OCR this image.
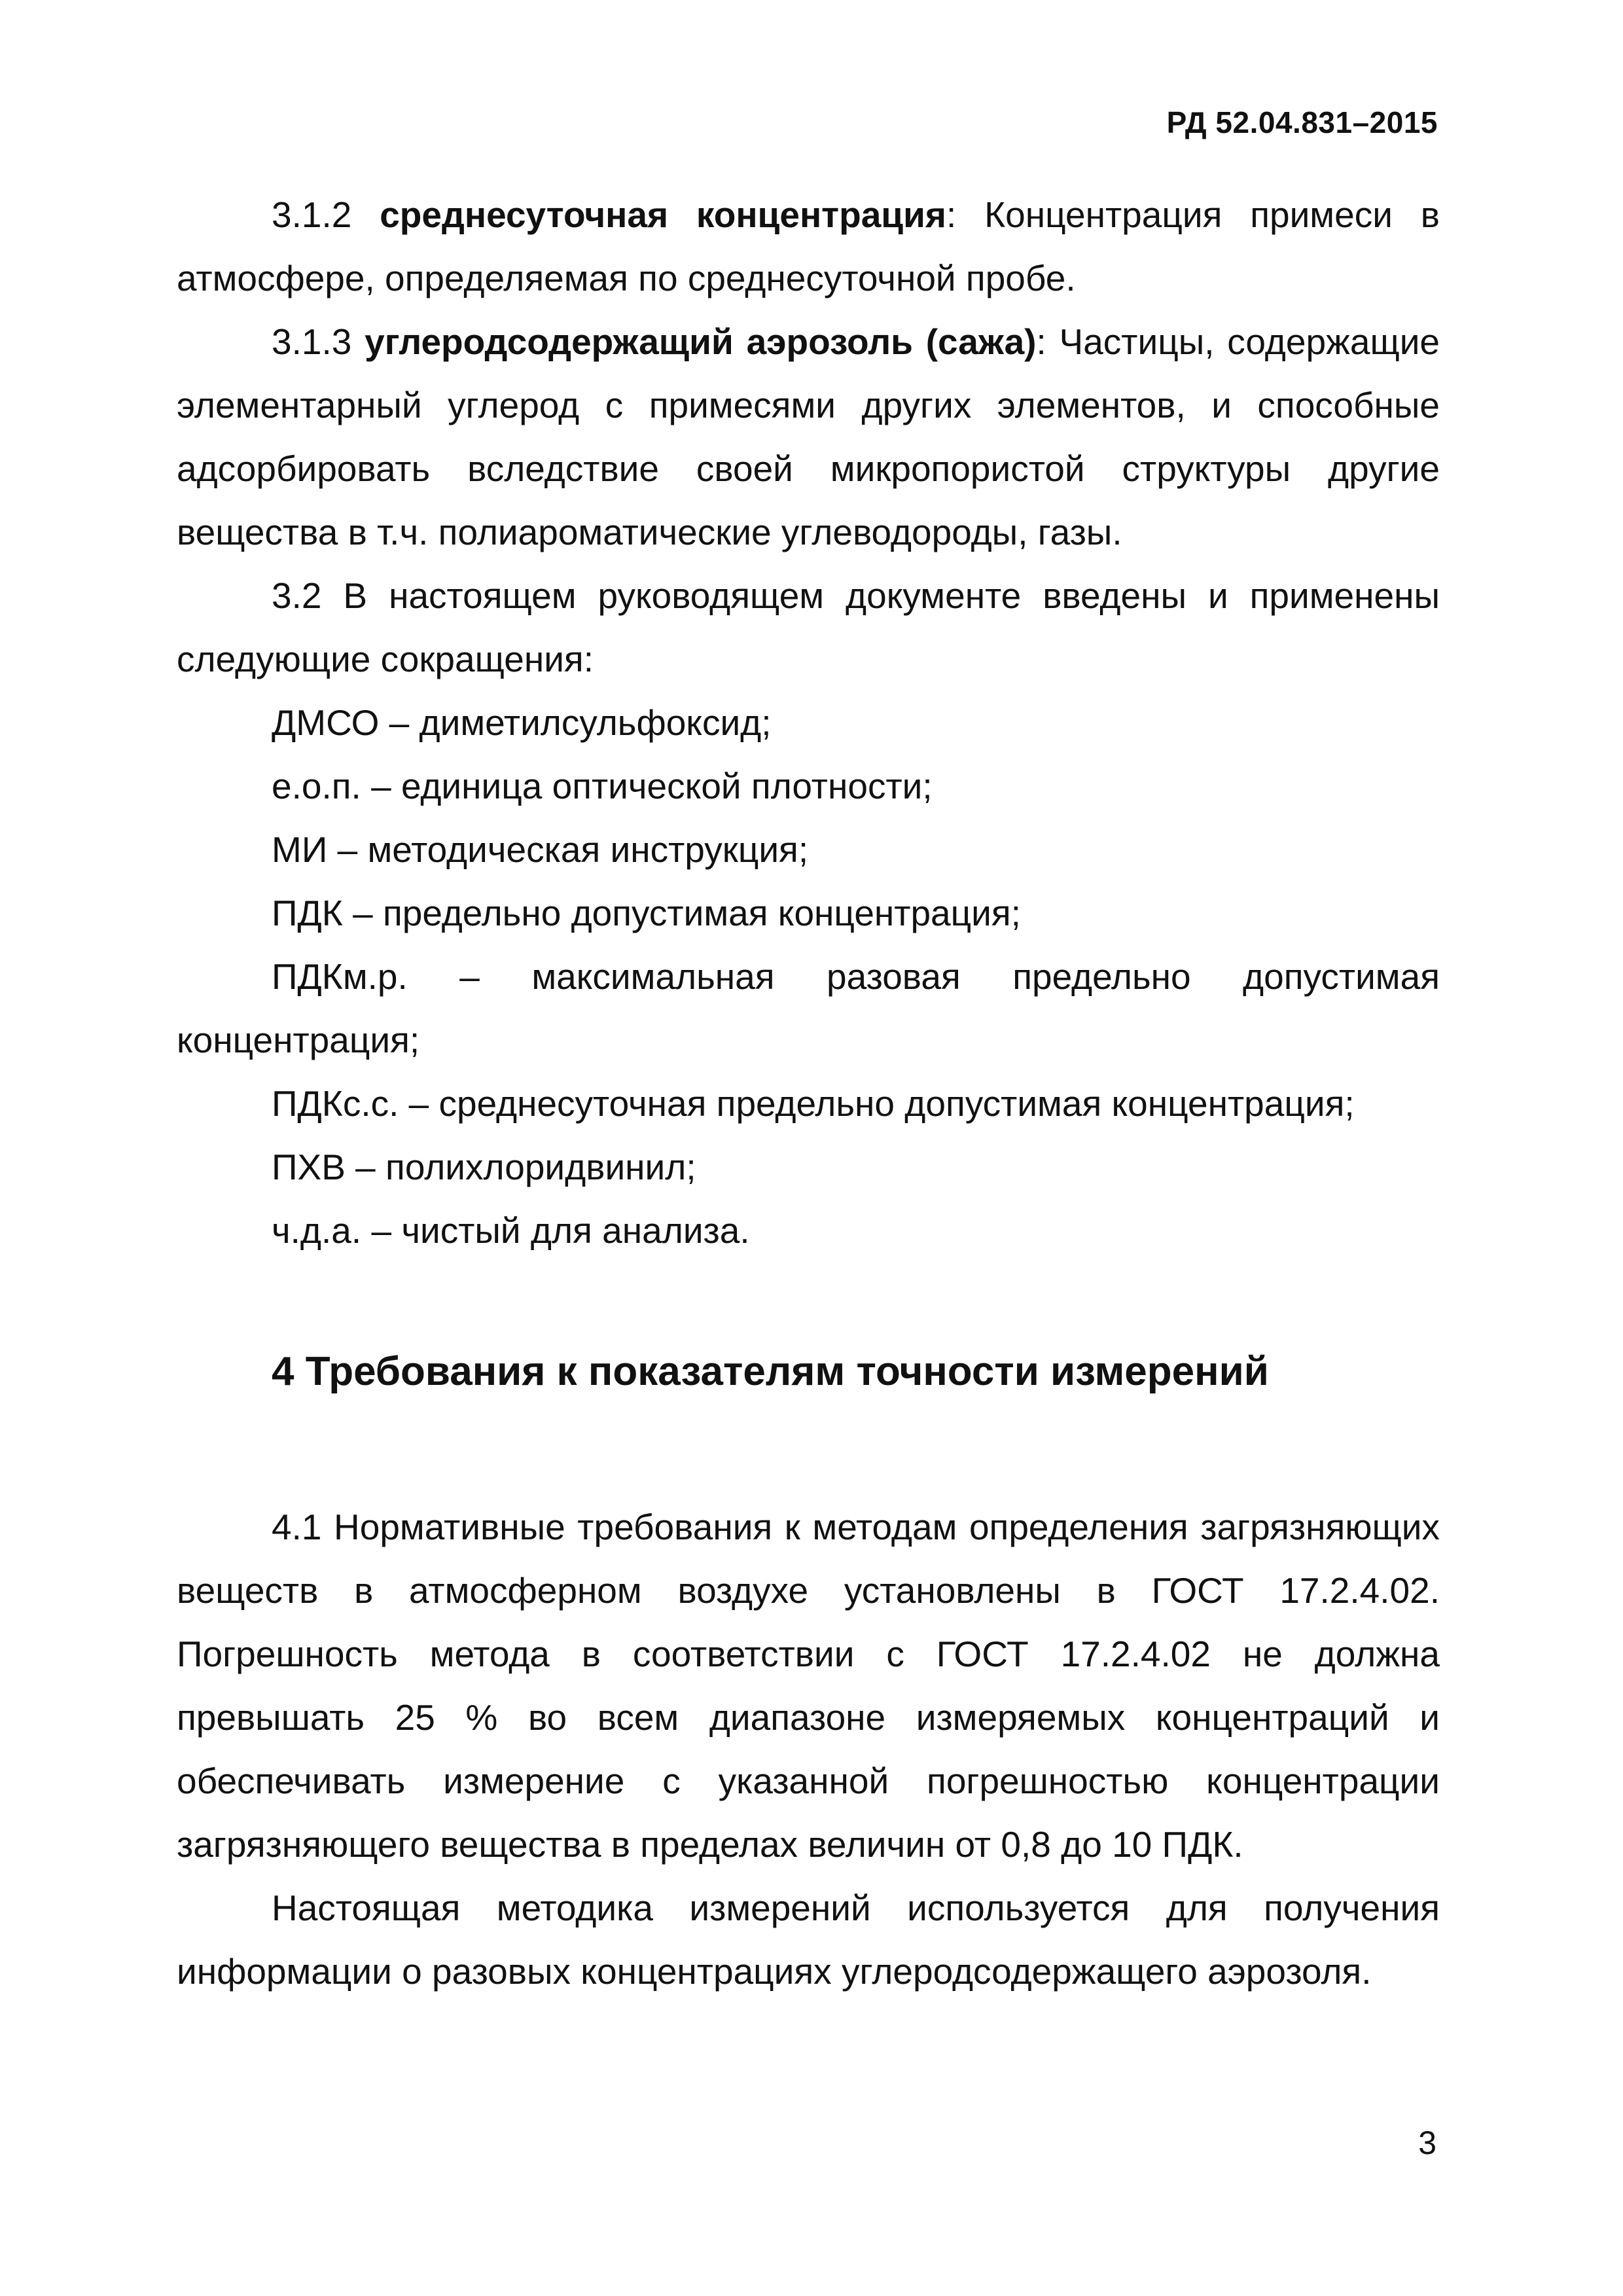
РД 52.04.831–2015

3.1.2 среднесуточная концентрация: Концентрация примеси в атмосфере, определяемая по среднесуточной пробе.

3.1.3 углеродсодержащий аэрозоль (сажа): Частицы, содержащие элементарный углерод с примесями других элементов, и способные адсорбировать вследствие своей микропористой структуры другие вещества в т.ч. полиароматические углеводороды, газы.

3.2 В настоящем руководящем документе введены и применены следующие сокращения:

ДМСО – диметилсульфоксид;

е.о.п. – единица оптической плотности;

МИ – методическая инструкция;

ПДК – предельно допустимая концентрация;

ПДКм.р. – максимальная разовая предельно допустимая концентрация;

ПДКс.с. – среднесуточная предельно допустимая концентрация;

ПХВ – полихлоридвинил;

ч.д.а. – чистый для анализа.

4 Требования к показателям точности измерений

4.1 Нормативные требования к методам определения загрязняющих веществ в атмосферном воздухе установлены в ГОСТ 17.2.4.02. Погрешность метода в соответствии с ГОСТ 17.2.4.02 не должна превышать 25 % во всем диапазоне измеряемых концентраций и обеспечивать измерение с указанной погрешностью концентрации загрязняющего вещества в пределах величин от 0,8 до 10 ПДК.

Настоящая методика измерений используется для получения информации о разовых концентрациях углеродсодержащего аэрозоля.

3
